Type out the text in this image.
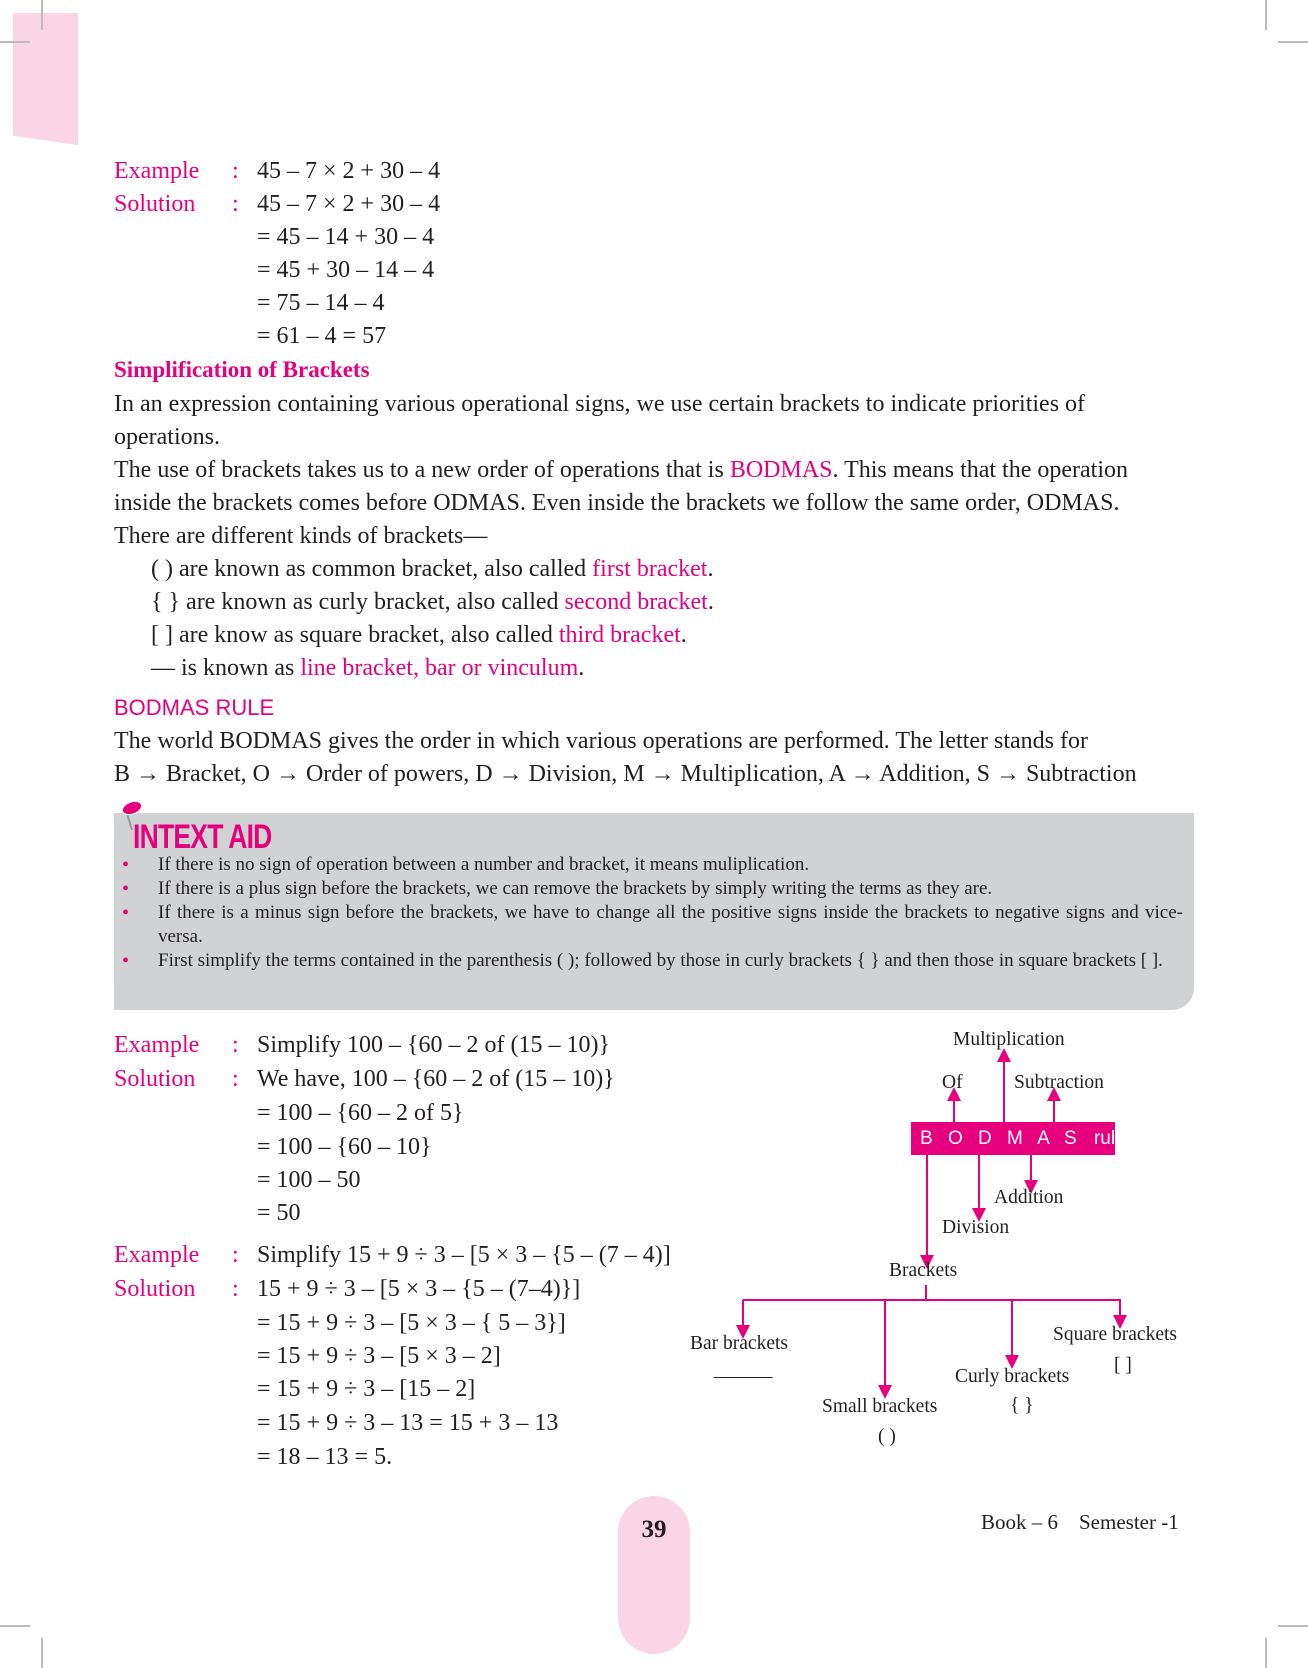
Example : 45 – 7 × 2 + 30 – 4
Solution : 45 – 7 × 2 + 30 – 4
= 45 – 14 + 30 – 4
= 45 + 30 – 14 – 4
= 75 – 14 – 4
= 61 – 4 = 57
Simplification of Brackets
In an expression containing various operational signs, we use certain brackets to indicate priorities of
operations.
The use of brackets takes us to a new order of operations that is BODMAS. This means that the operation
inside the brackets comes before ODMAS. Even inside the brackets we follow the same order, ODMAS.
There are different kinds of brackets—
( ) are known as common bracket, also called first bracket.
{ } are known as curly bracket, also called second bracket.
[ ] are know as square bracket, also called third bracket.
— is known as line bracket, bar or vinculum.
BODMAS RULE
The world BODMAS gives the order in which various operations are performed. The letter stands for
B → Bracket, O → Order of powers, D → Division, M → Multiplication, A → Addition, S → Subtraction
INTEXT AID
• If there is no sign of operation between a number and bracket, it means muliplication.
• If there is a plus sign before the brackets, we can remove the brackets by simply writing the terms as they are.
• If there is a minus sign before the brackets, we have to change all the positive signs inside the brackets to negative signs and vice-versa.
• First simplify the terms contained in the parenthesis ( ); followed by those in curly brackets { } and then those in square brackets [ ].
Example : Simplify 100 – {60 – 2 of (15 – 10)}
Solution : We have, 100 – {60 – 2 of (15 – 10)}
= 100 – {60 – 2 of 5}
= 100 – {60 – 10}
= 100 – 50
= 50
Example : Simplify 15 + 9 ÷ 3 – [5 × 3 – {5 – (7 – 4)]
Solution : 15 + 9 ÷ 3 – [5 × 3 – {5 – (7–4)}]
= 15 + 9 ÷ 3 – [5 × 3 – { 5 – 3}]
= 15 + 9 ÷ 3 – [5 × 3 – 2]
= 15 + 9 ÷ 3 – [15 – 2]
= 15 + 9 ÷ 3 – 13 = 15 + 3 – 13
= 18 – 13 = 5.
B O D M A S rule
Multiplication
Of	Subtraction
Addition
Division
Brackets
Bar brackets
———
Small brackets
( )
Curly brackets
{ }
Square brackets
[ ]
39	Book – 6    Semester -1
